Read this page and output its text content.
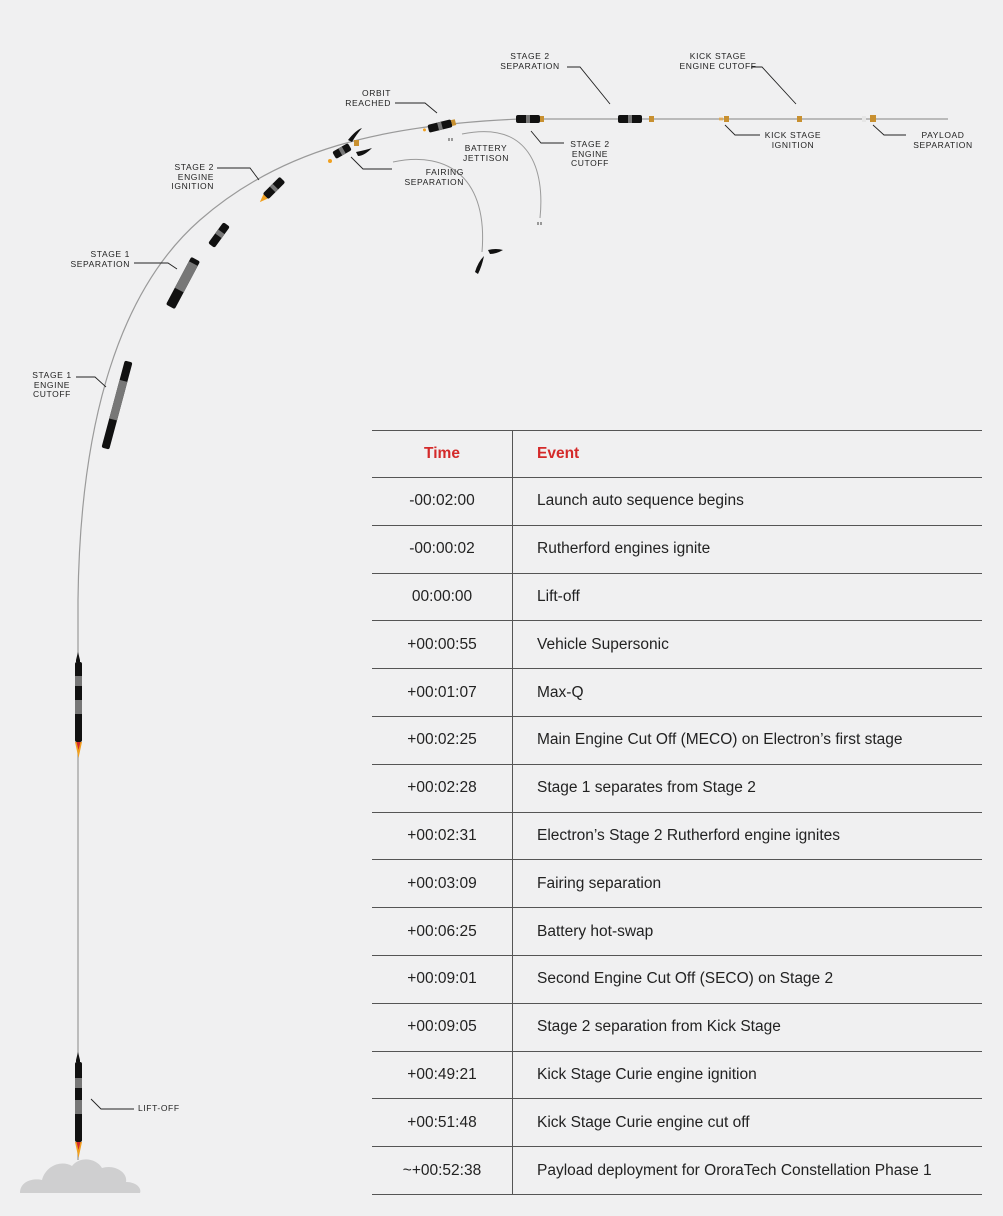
LIFT-OFF
STAGE 1
ENGINE
CUTOFF
STAGE 1
SEPARATION
STAGE 2
ENGINE
IGNITION
FAIRING
SEPARATION
ORBIT
REACHED
BATTERY
JETTISON
STAGE 2
SEPARATION
STAGE 2
ENGINE
CUTOFF
KICK STAGE
ENGINE CUTOFF
KICK STAGE
IGNITION
PAYLOAD
SEPARATION
Time	Event
-00:02:00	Launch auto sequence begins
-00:00:02	Rutherford engines ignite
00:00:00	Lift-off
+00:00:55	Vehicle Supersonic
+00:01:07	Max-Q
+00:02:25	Main Engine Cut Off (MECO) on Electron’s first stage
+00:02:28	Stage 1 separates from Stage 2
+00:02:31	Electron’s Stage 2 Rutherford engine ignites
+00:03:09	Fairing separation
+00:06:25	Battery hot-swap
+00:09:01	Second Engine Cut Off (SECO) on Stage 2
+00:09:05	Stage 2 separation from Kick Stage
+00:49:21	Kick Stage Curie engine ignition
+00:51:48	Kick Stage Curie engine cut off
~+00:52:38	Payload deployment for OroraTech Constellation Phase 1
